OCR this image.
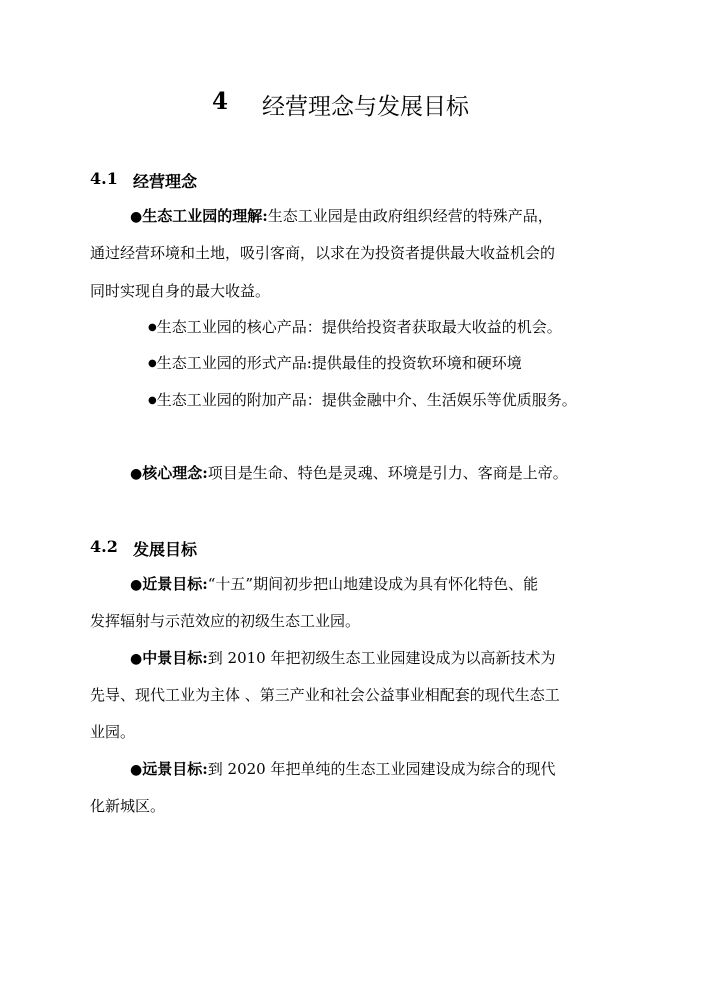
4 经营理念与发展目标
4.1 经营理念
●生态工业园的理解:生态工业园是由政府组织经营的特殊产品，
通过经营环境和土地，吸引客商，以求在为投资者提供最大收益机会的
同时实现自身的最大收益。
●生态工业园的核心产品：提供给投资者获取最大收益的机会。
●生态工业园的形式产品:提供最佳的投资软环境和硬环境
●生态工业园的附加产品：提供金融中介、生活娱乐等优质服务。
●核心理念:项目是生命、特色是灵魂、环境是引力、客商是上帝。
4.2 发展目标
●近景目标:“十五”期间初步把山地建设成为具有怀化特色、能
发挥辐射与示范效应的初级生态工业园。
●中景目标:到 2010 年把初级生态工业园建设成为以高新技术为
先导、现代工业为主体 、第三产业和社会公益事业相配套的现代生态工
业园。
●远景目标:到 2020 年把单纯的生态工业园建设成为综合的现代
化新城区。
